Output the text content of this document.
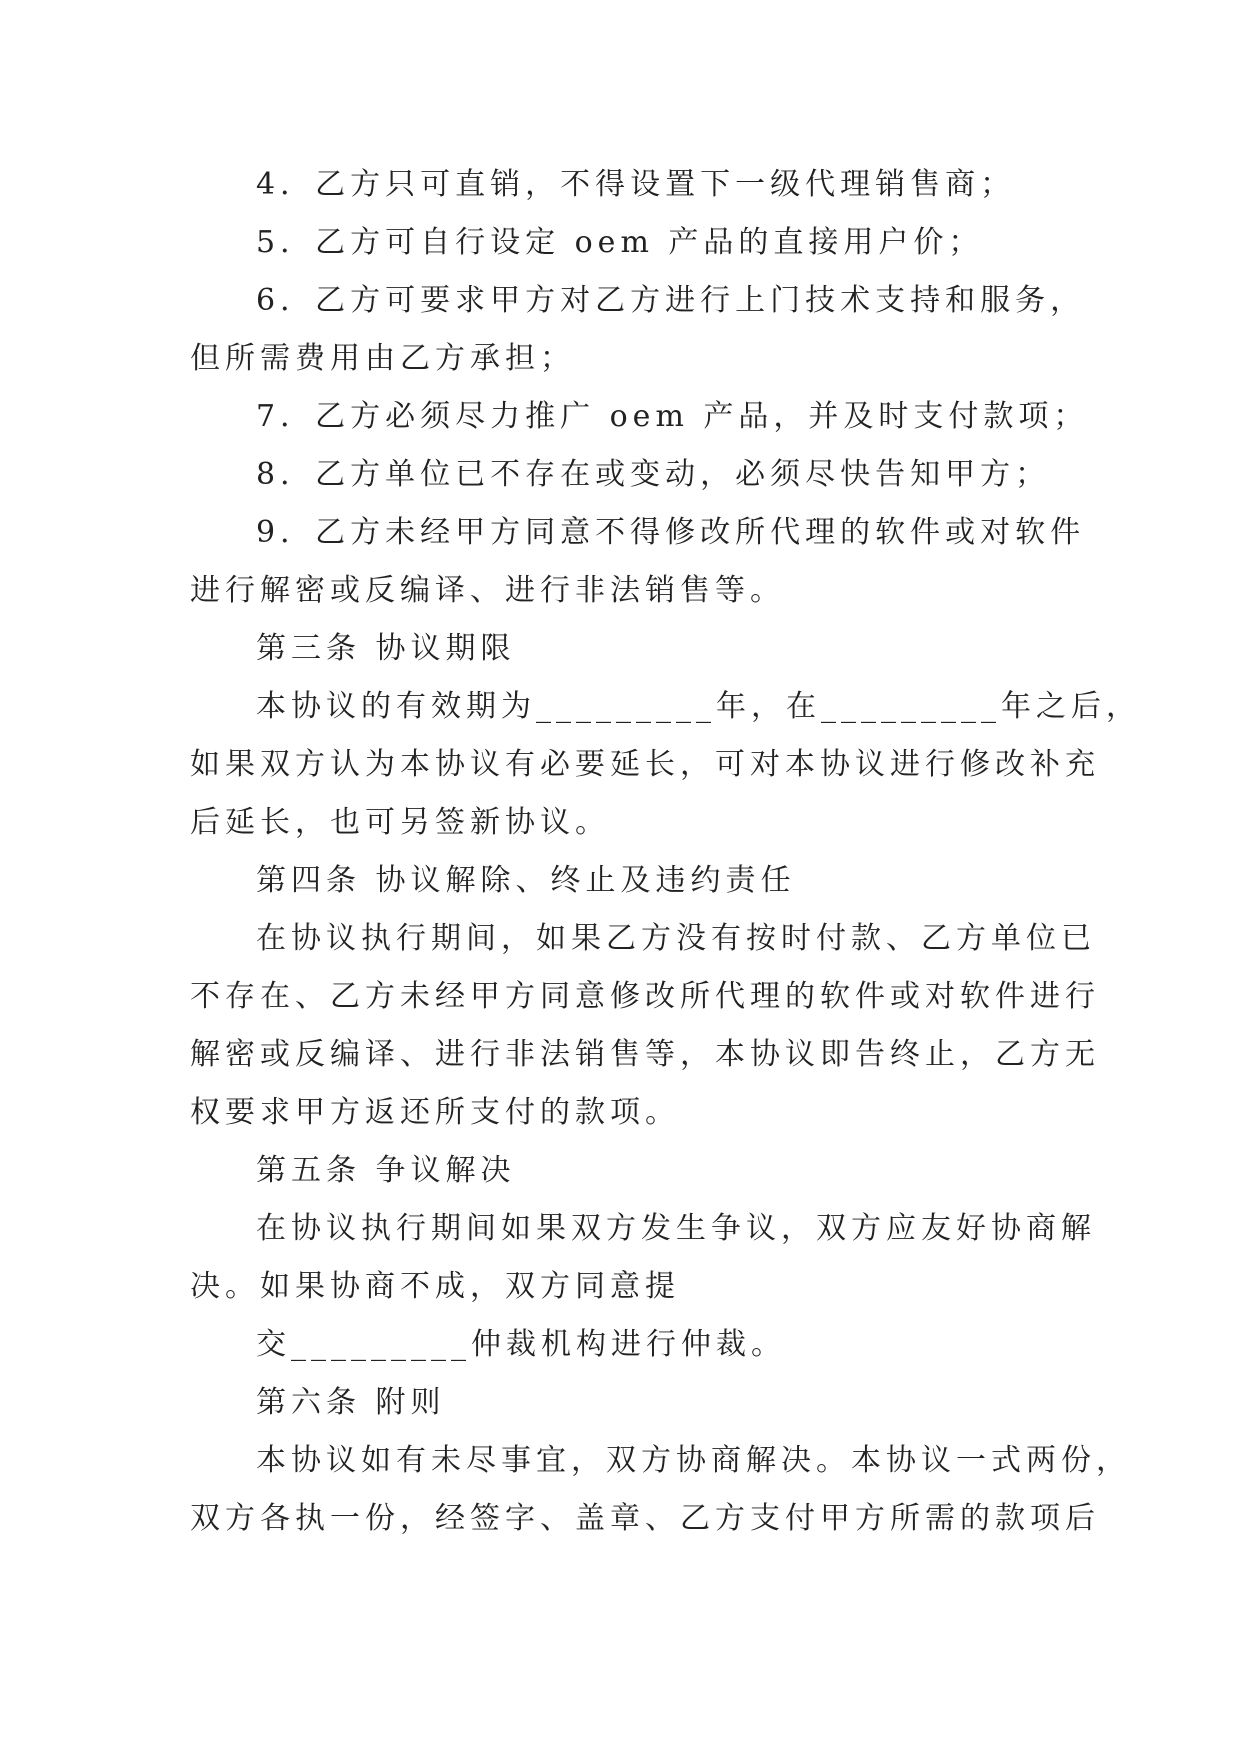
4．乙方只可直销，不得设置下一级代理销售商；
5．乙方可自行设定 oem 产品的直接用户价；
6．乙方可要求甲方对乙方进行上门技术支持和服务，
但所需费用由乙方承担；
7．乙方必须尽力推广 oem 产品，并及时支付款项；
8．乙方单位已不存在或变动，必须尽快告知甲方；
9．乙方未经甲方同意不得修改所代理的软件或对软件
进行解密或反编译、进行非法销售等。
第三条 协议期限
本协议的有效期为_________年，在_________年之后，
如果双方认为本协议有必要延长，可对本协议进行修改补充
后延长，也可另签新协议。
第四条 协议解除、终止及违约责任
在协议执行期间，如果乙方没有按时付款、乙方单位已
不存在、乙方未经甲方同意修改所代理的软件或对软件进行
解密或反编译、进行非法销售等，本协议即告终止，乙方无
权要求甲方返还所支付的款项。
第五条 争议解决
在协议执行期间如果双方发生争议，双方应友好协商解
决。如果协商不成，双方同意提
交_________仲裁机构进行仲裁。
第六条 附则
本协议如有未尽事宜，双方协商解决。本协议一式两份，
双方各执一份，经签字、盖章、乙方支付甲方所需的款项后
